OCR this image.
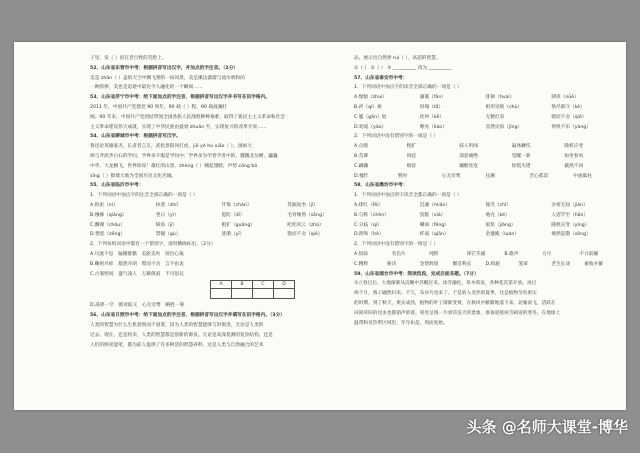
子里，发（ ）因在老百姓的笑脸上。
52、山东省东营市中考：根据拼音写出汉字，并加点的字注音。（2分）
美是 zhān（ ）盖的天空中飘飞翔的一抹风景，美是溪边潺潺与流水唱和的
一种韵律，美也是追逐中最先令人融化的一个瞬间……
53、山东省济宁市中考：给下面加点的字注音，根据拼音写出汉字并书写在田字格内。
2011 年，中国共产党建党 90 周年，90 载（ ）程，90 载波澜壮
阔。90 年来，中国共产党团结带领全国各族人民战胜种种艰难，取得了新民主主义革命和社会
主义革命建设伟大成就，实现了中华民族由盛衰 zhuǎn 至，实现复兴的改革开放……
54、山东省聊城市中考：根据拼音写汉字。
鲁迅论英雄豪杰，长者者言友，武松景阳冈打虎，jiē yè hú xiāo（ ）。国画大
师与齐鸿齐白石的学问，学界多不服是学问中；学界多为学者学者中的，魏魏北岳横，巍巍
中华，大龙腾飞，世界惊叹！雄壮的山景，zhèng（ ）翱起翅膀，声势 cōng bō
sīng（ ）擦墙大地为全国历史文化名城。
55、山东省临沂市中考：
1．下列词语中加点字的注音全部正确的一项是（ ）
A.拘泥（ní）	执着（zhí）	忏悔（chàn）	箕踞而坐（jī）
B.襁褓（qiǎng）	翌日（yì）	提防（dī）	毛骨悚然（sǒng）
C.酬谢（chóu）	犄角（jī）	粗犷（guǎng）	叱咤风云（zhà）
D.憎恶（zēng）	禁锢（gù）	涟漪（yī）	锲而不舍（qiè）
2．下列每组词语中都有一个错别字，请用横线标出。（2分）
A.川流不息　遍稽群籍　美轮美奂　别出心裁
B.鞠躬尽瘁　豁然开朗　锲而不舍　言不由衷
C.古皱壁间　盛气凌人　万籁俱寂　不可思议
A	B	C	D

D.荡涤一空　断章取义　心无旁骛　略胜一筹
56、山东省日照市中考：给下面加点的字注音，根据拼音写出汉字并填写在田字格内。（3分）
人类的智慧为什么生机勃勃而不衰萎，因为人类的智慧能够与时俱进。无论是人类的
过去、现在，还是将来，人类的智慧都是创新的源泉。无论是高深莫测的复杂结构，还是
人们的鲜亮湿笔，都为前人提供了许多鲜活的智慧养料，这是人类与自然融合的艺术
品，展示出自然界 ruì（ ）、高超的智慧。
①（ ） ②（ ） ③ __________ 改为 __________
57、山东省泰安市中考：
1．下列词语中加点字的读音全部正确的一项是（ ）
A.惴惴（zhuì）	藩篱（fān）	徘徊（huái）	肆虐（nüè）
B.祈（qí）祷	坍塌（tā）	相形见绌（chù）	恪尽职守（kè）
C.尴（gān）尬	坎坷（kě）	无精打采	锲而不舍（qiè）
D.窈窕（yǎo）	嘹亮（liáo）	忽然见惊（jīng）	怏怏不乐（yàng）
2．下列词语中没有错别字的一项是（ ）
A.点缀	粗犷	骇人听闻	遍体鳞伤	随机应变
B.荒谬	斑驳	深恶痛绝	觉醒一新	如坐春风
C.蹒跚	嗔怒	藕断丝连	惊慌失措	截然不同
D.愧怍	暂时	心无旁骛	狂澜	苦心孤诣	中流砥柱
58、山东省潍坊市中考：
1．下列词语中加点的字读音全都正确的一项是（ ）
A.绯红（fēi）	沉湎（miǎn）	嗤笑（chī）	亲密无间（jiàn）
B.匀称（chèn）	狡黠（xiá）	地壳（ké）	人迹罕至（hǎn）
C.分歧（qí）	嘲讽（fěng）	船桨（jiǎng）	随机应变（yìng）
D.附和（hè）	纤弱（qiān）	金銮殿（luán）	悚然起敬（sǒng）
2．下列词语中没有错别字的一组是（ ）
A.惊骇	名信片	纯粹	锋芒毕露	B.歌声	力尽	不计前嫌
C.精粹	秘诀	金碧辉煌	酣首称长	D.斡旋	笼罩	老生长谈	兼收并蓄
59、山东省烟台市中考：阅读选段，完成后面各题。（7分）
①立春过后，大地渐渐从沉睡中苏醒过来。冰雪融化，草木萌发，各种花次第开放。再过
两个月，燕子翩然归来。不久，布谷鸟也来了。于是转入炎热的夏季，这是植物孕育果实
的时期。到了秋天，果实成熟，植物的叶子渐渐变黄，在秋风中簌簌地落下来。北雁南飞，活跃在
田间草际的昆虫也都销声匿迹。到处呈现一片衰草连天的景象，准备迎接风雪载途的寒冬。在地球上
温带和亚热带区域里，年年如是，周而复始。
头条 @名师大课堂-博华
